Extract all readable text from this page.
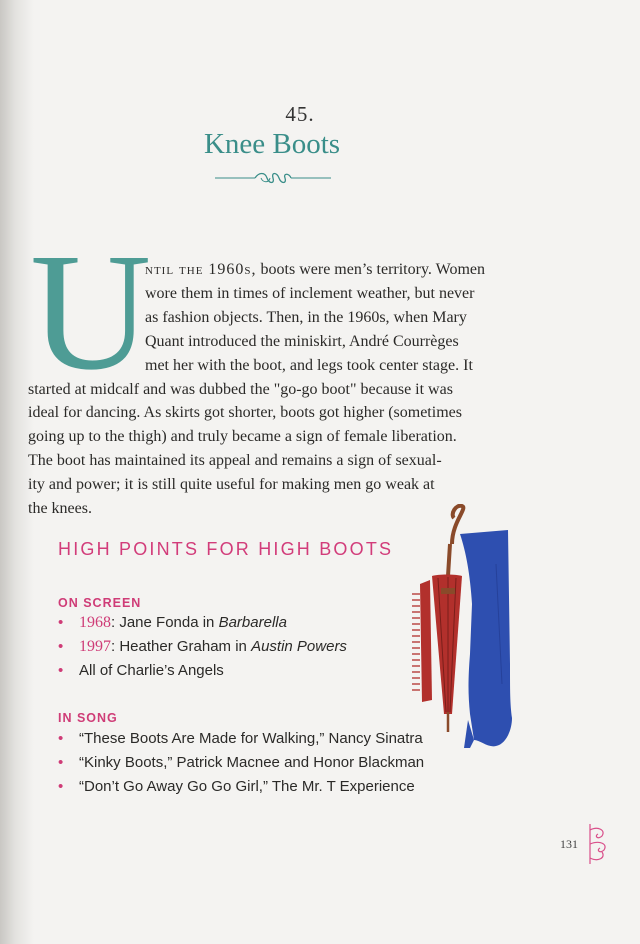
45.
Knee Boots
U
ntil the 1960s, boots were men’s territory. Women
wore them in times of inclement weather, but never
as fashion objects. Then, in the 1960s, when Mary
Quant introduced the miniskirt, André Courrèges
met her with the boot, and legs took center stage. It
started at midcalf and was dubbed the "go-go boot" because it was
ideal for dancing. As skirts got shorter, boots got higher (sometimes
going up to the thigh) and truly became a sign of female liberation.
The boot has maintained its appeal and remains a sign of sexual-
ity and power; it is still quite useful for making men go weak at
the knees.
HIGH POINTS FOR HIGH BOOTS
ON SCREEN
• 1968: Jane Fonda in Barbarella
• 1997: Heather Graham in Austin Powers
• All of Charlie’s Angels
IN SONG
• “These Boots Are Made for Walking,” Nancy Sinatra
• “Kinky Boots,” Patrick Macnee and Honor Blackman
• “Don’t Go Away Go Go Girl,” The Mr. T Experience
131
